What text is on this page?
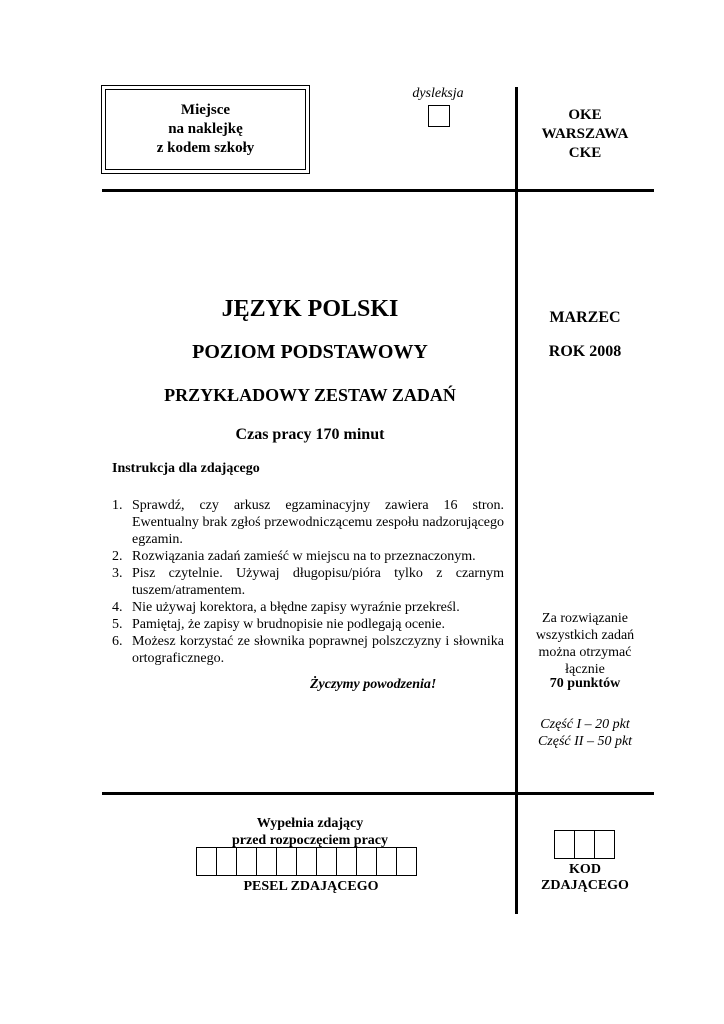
Miejsce
na naklejkę
z kodem szkoły
dysleksja
OKE
WARSZAWA
CKE
JĘZYK POLSKI
POZIOM PODSTAWOWY
PRZYKŁADOWY ZESTAW ZADAŃ
Czas pracy 170 minut
MARZEC
ROK 2008
Instrukcja dla zdającego
1. Sprawdź, czy arkusz egzaminacyjny zawiera 16 stron. Ewentualny brak zgłoś przewodniczącemu zespołu nadzorującego egzamin.
2. Rozwiązania zadań zamieść w miejscu na to przeznaczonym.
3. Pisz czytelnie. Używaj długopisu/pióra tylko z czarnym tuszem/atramentem.
4. Nie używaj korektora, a błędne zapisy wyraźnie przekreśl.
5. Pamiętaj, że zapisy w brudnopisie nie podlegają ocenie.
6. Możesz korzystać ze słownika poprawnej polszczyzny i słownika ortograficznego.
Życzymy powodzenia!
Za rozwiązanie
wszystkich zadań
można otrzymać
łącznie
70 punktów
Część I – 20 pkt
Część II – 50 pkt
Wypełnia zdający
przed rozpoczęciem pracy
PESEL ZDAJĄCEGO
KOD
ZDAJĄCEGO
